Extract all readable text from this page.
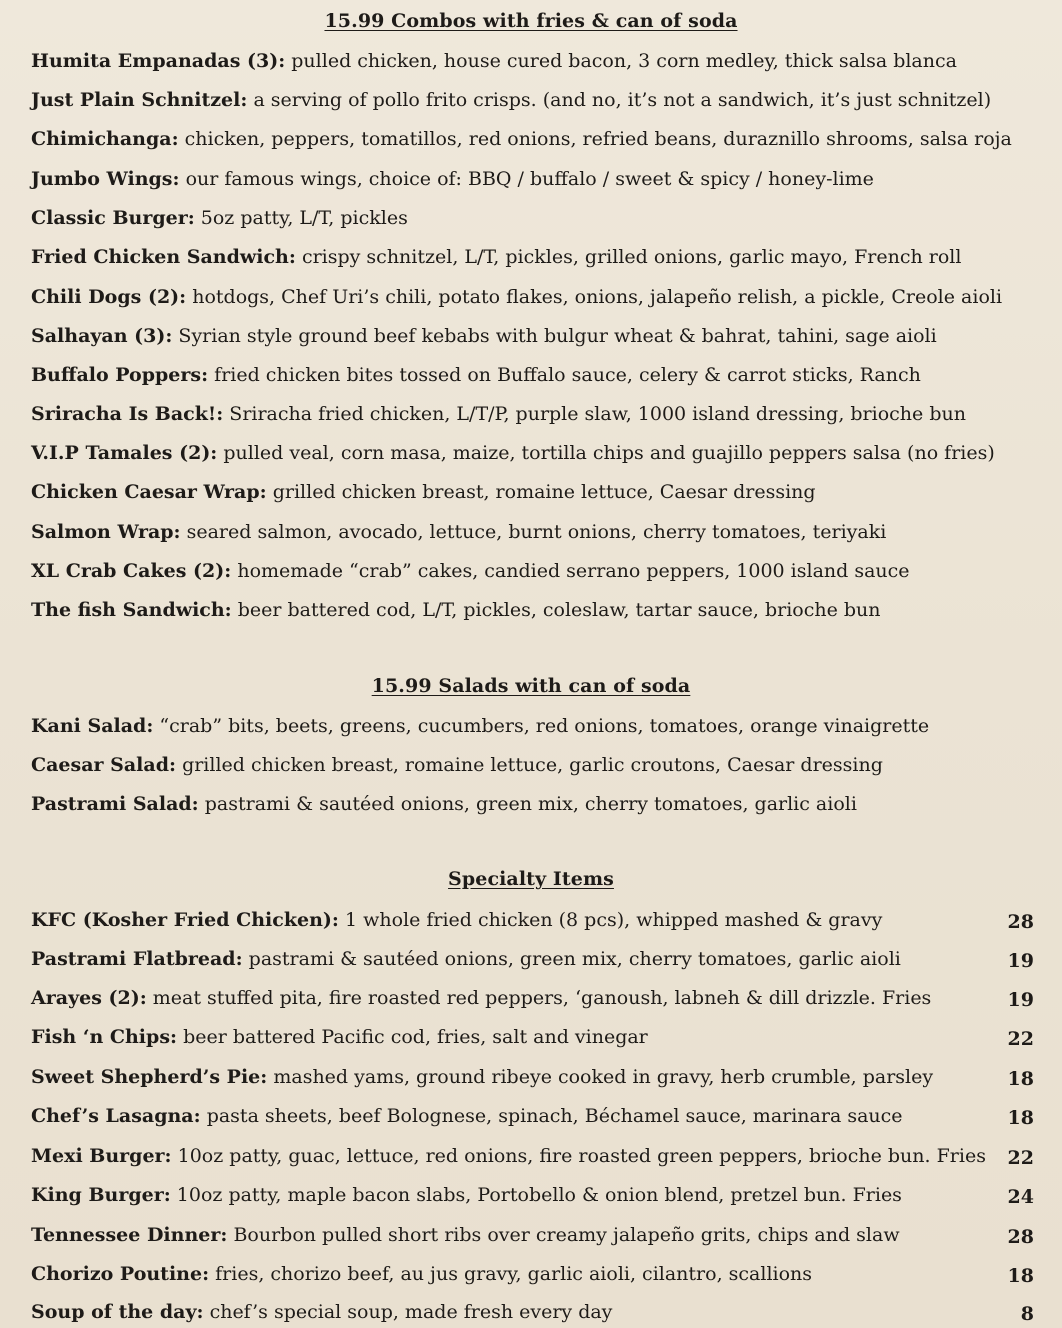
15.99 Combos with fries & can of soda
Humita Empanadas (3): pulled chicken, house cured bacon, 3 corn medley, thick salsa blanca
Just Plain Schnitzel: a serving of pollo frito crisps. (and no, it’s not a sandwich, it’s just schnitzel)
Chimichanga: chicken, peppers, tomatillos, red onions, refried beans, duraznillo shrooms, salsa roja
Jumbo Wings: our famous wings, choice of: BBQ / buffalo / sweet & spicy / honey-lime
Classic Burger: 5oz patty, L/T, pickles
Fried Chicken Sandwich: crispy schnitzel, L/T, pickles, grilled onions, garlic mayo, French roll
Chili Dogs (2): hotdogs, Chef Uri’s chili, potato flakes, onions, jalapeño relish, a pickle, Creole aioli
Salhayan (3): Syrian style ground beef kebabs with bulgur wheat & bahrat, tahini, sage aioli
Buffalo Poppers: fried chicken bites tossed on Buffalo sauce, celery & carrot sticks, Ranch
Sriracha Is Back!: Sriracha fried chicken, L/T/P, purple slaw, 1000 island dressing, brioche bun
V.I.P Tamales (2): pulled veal, corn masa, maize, tortilla chips and guajillo peppers salsa (no fries)
Chicken Caesar Wrap: grilled chicken breast, romaine lettuce, Caesar dressing
Salmon Wrap: seared salmon, avocado, lettuce, burnt onions, cherry tomatoes, teriyaki
XL Crab Cakes (2): homemade “crab” cakes, candied serrano peppers, 1000 island sauce
The fish Sandwich: beer battered cod, L/T, pickles, coleslaw, tartar sauce, brioche bun
15.99 Salads with can of soda
Kani Salad: “crab” bits, beets, greens, cucumbers, red onions, tomatoes, orange vinaigrette
Caesar Salad: grilled chicken breast, romaine lettuce, garlic croutons, Caesar dressing
Pastrami Salad: pastrami & sautéed onions, green mix, cherry tomatoes, garlic aioli
Specialty Items
KFC (Kosher Fried Chicken): 1 whole fried chicken (8 pcs), whipped mashed & gravy	28
Pastrami Flatbread: pastrami & sautéed onions, green mix, cherry tomatoes, garlic aioli	19
Arayes (2): meat stuffed pita, fire roasted red peppers, ‘ganoush, labneh & dill drizzle. Fries	19
Fish ‘n Chips: beer battered Pacific cod, fries, salt and vinegar	22
Sweet Shepherd’s Pie: mashed yams, ground ribeye cooked in gravy, herb crumble, parsley	18
Chef’s Lasagna: pasta sheets, beef Bolognese, spinach, Béchamel sauce, marinara sauce	18
Mexi Burger: 10oz patty, guac, lettuce, red onions, fire roasted green peppers, brioche bun. Fries 22
King Burger: 10oz patty, maple bacon slabs, Portobello & onion blend, pretzel bun. Fries	24
Tennessee Dinner: Bourbon pulled short ribs over creamy jalapeño grits, chips and slaw	28
Chorizo Poutine: fries, chorizo beef, au jus gravy, garlic aioli, cilantro, scallions	18
Soup of the day: chef’s special soup, made fresh every day	8
